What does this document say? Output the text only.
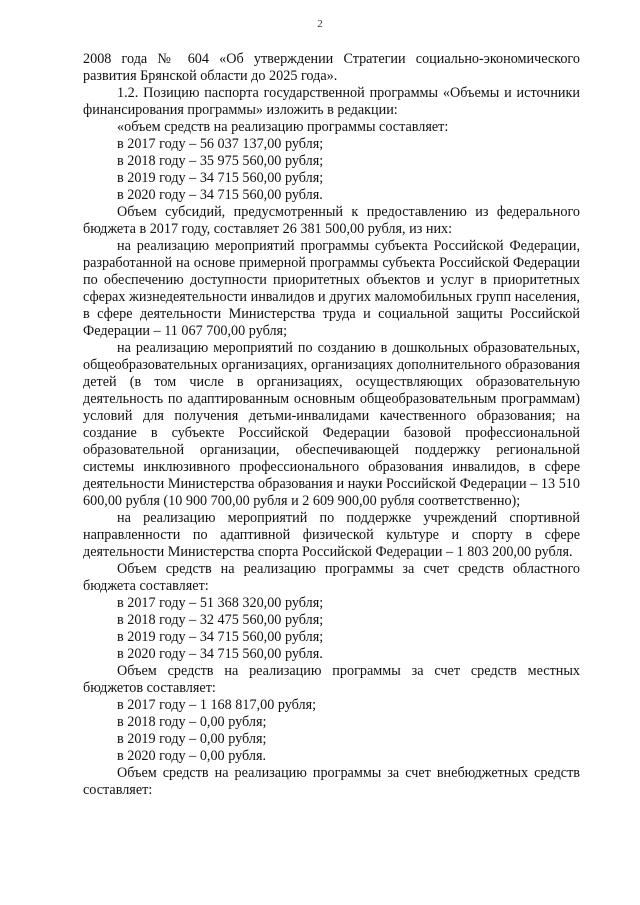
2

2008 года № 604 «Об утверждении Стратегии социально-экономического развития Брянской области до 2025 года».

1.2. Позицию паспорта государственной программы «Объемы и источники финансирования программы» изложить в редакции:

«объем средств на реализацию программы составляет:

в 2017 году – 56 037 137,00 рубля;

в 2018 году – 35 975 560,00 рубля;

в 2019 году – 34 715 560,00 рубля;

в 2020 году – 34 715 560,00 рубля.

Объем субсидий, предусмотренный к предоставлению из федерального бюджета в 2017 году, составляет 26 381 500,00 рубля, из них:

на реализацию мероприятий программы субъекта Российской Федерации, разработанной на основе примерной программы субъекта Российской Федерации по обеспечению доступности приоритетных объектов и услуг в приоритетных сферах жизнедеятельности инвалидов и других маломобильных групп населения, в сфере деятельности Министерства труда и социальной защиты Российской Федерации – 11 067 700,00 рубля;

на реализацию мероприятий по созданию в дошкольных образовательных, общеобразовательных организациях, организациях дополнительного образования детей (в том числе в организациях, осуществляющих образовательную деятельность по адаптированным основным общеобразовательным программам) условий для получения детьми-инвалидами качественного образования; на создание в субъекте Российской Федерации базовой профессиональной образовательной организации, обеспечивающей поддержку региональной системы инклюзивного профессионального образования инвалидов, в сфере деятельности Министерства образования и науки Российской Федерации – 13 510 600,00 рубля (10 900 700,00 рубля и 2 609 900,00 рубля соответственно);

на реализацию мероприятий по поддержке учреждений спортивной направленности по адаптивной физической культуре и спорту в сфере деятельности Министерства спорта Российской Федерации – 1 803 200,00 рубля.

Объем средств на реализацию программы за счет средств областного бюджета составляет:

в 2017 году – 51 368 320,00 рубля;

в 2018 году – 32 475 560,00 рубля;

в 2019 году – 34 715 560,00 рубля;

в 2020 году – 34 715 560,00 рубля.

Объем средств на реализацию программы за счет средств местных бюджетов составляет:

в 2017 году – 1 168 817,00 рубля;

в 2018 году – 0,00 рубля;

в 2019 году – 0,00 рубля;

в 2020 году – 0,00 рубля.

Объем средств на реализацию программы за счет внебюджетных средств составляет:
